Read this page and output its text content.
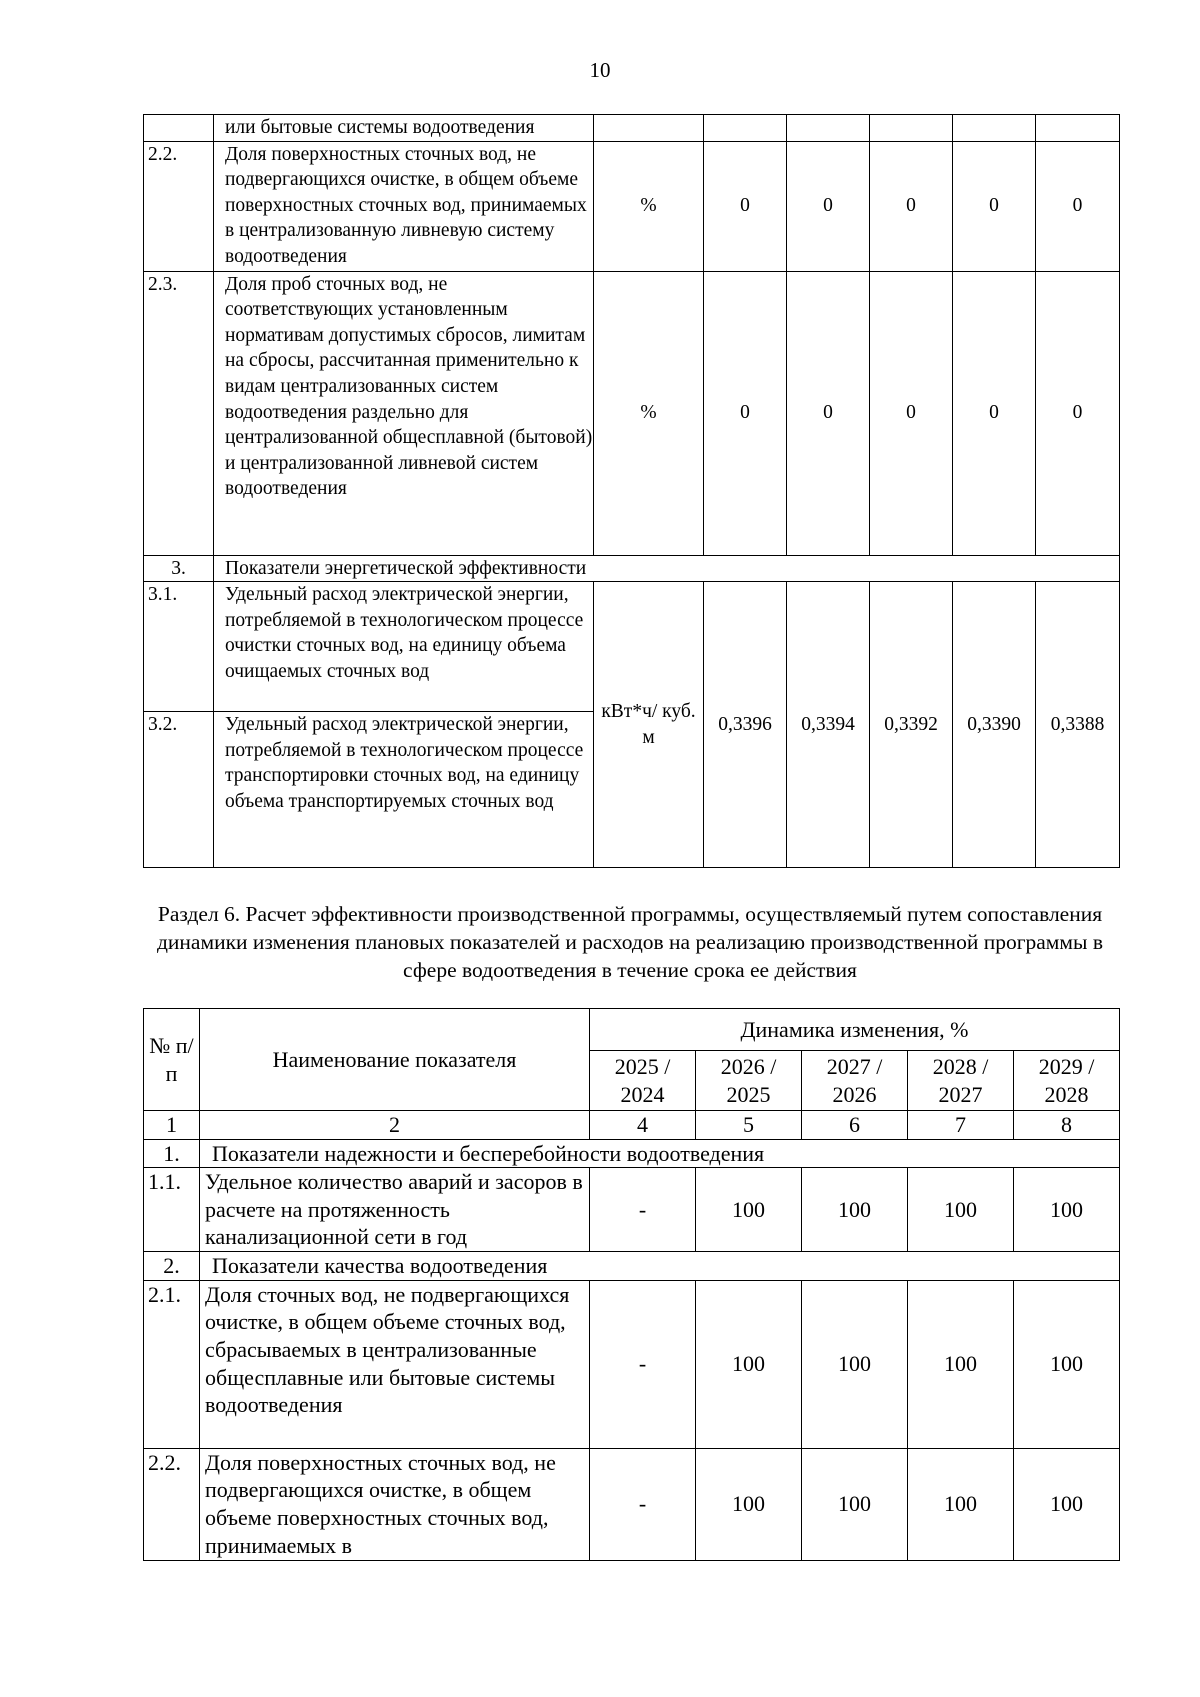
10
	или бытовые системы водоотведения						
2.2.	Доля поверхностных сточных вод, не подвергающихся очистке, в общем объеме поверхностных сточных вод, принимаемых в централизованную ливневую систему водоотведения	%	0	0	0	0	0
2.3.	Доля проб сточных вод, не соответствующих установленным нормативам допустимых сбросов, лимитам на сбросы, рассчитанная применительно к видам централизованных систем водоотведения раздельно для централизованной общесплавной (бытовой) и централизованной ливневой систем водоотведения	%	0	0	0	0	0
3.	Показатели энергетической эффективности						
3.1.	Удельный расход электрической энергии, потребляемой в технологическом процессе очистки сточных вод, на единицу объема очищаемых сточных вод	кВт*ч/ куб. м	0,3396	0,3394	0,3392	0,3390	0,3388
3.2.	Удельный расход электрической энергии, потребляемой в технологическом процессе транспортировки сточных вод, на единицу объема транспортируемых сточных вод						
Раздел 6. Расчет эффективности производственной программы, осуществляемый путем сопоставления динамики изменения плановых показателей и расходов на реализацию производственной программы в сфере водоотведения в течение срока ее действия
№ п/п	Наименование показателя	Динамика изменения, %				
		2025 / 2024	2026 / 2025	2027 / 2026	2028 / 2027	2029 / 2028
1	2	4	5	6	7	8
1.	Показатели надежности и бесперебойности водоотведения					
1.1.	Удельное количество аварий и засоров в расчете на протяженность канализационной сети в год	-	100	100	100	100
2.	Показатели качества водоотведения					
2.1.	Доля сточных вод, не подвергающихся очистке, в общем объеме сточных вод, сбрасываемых в централизованные общесплавные или бытовые системы водоотведения	-	100	100	100	100
2.2.	Доля поверхностных сточных вод, не подвергающихся очистке, в общем объеме поверхностных сточных вод, принимаемых в	-	100	100	100	100
